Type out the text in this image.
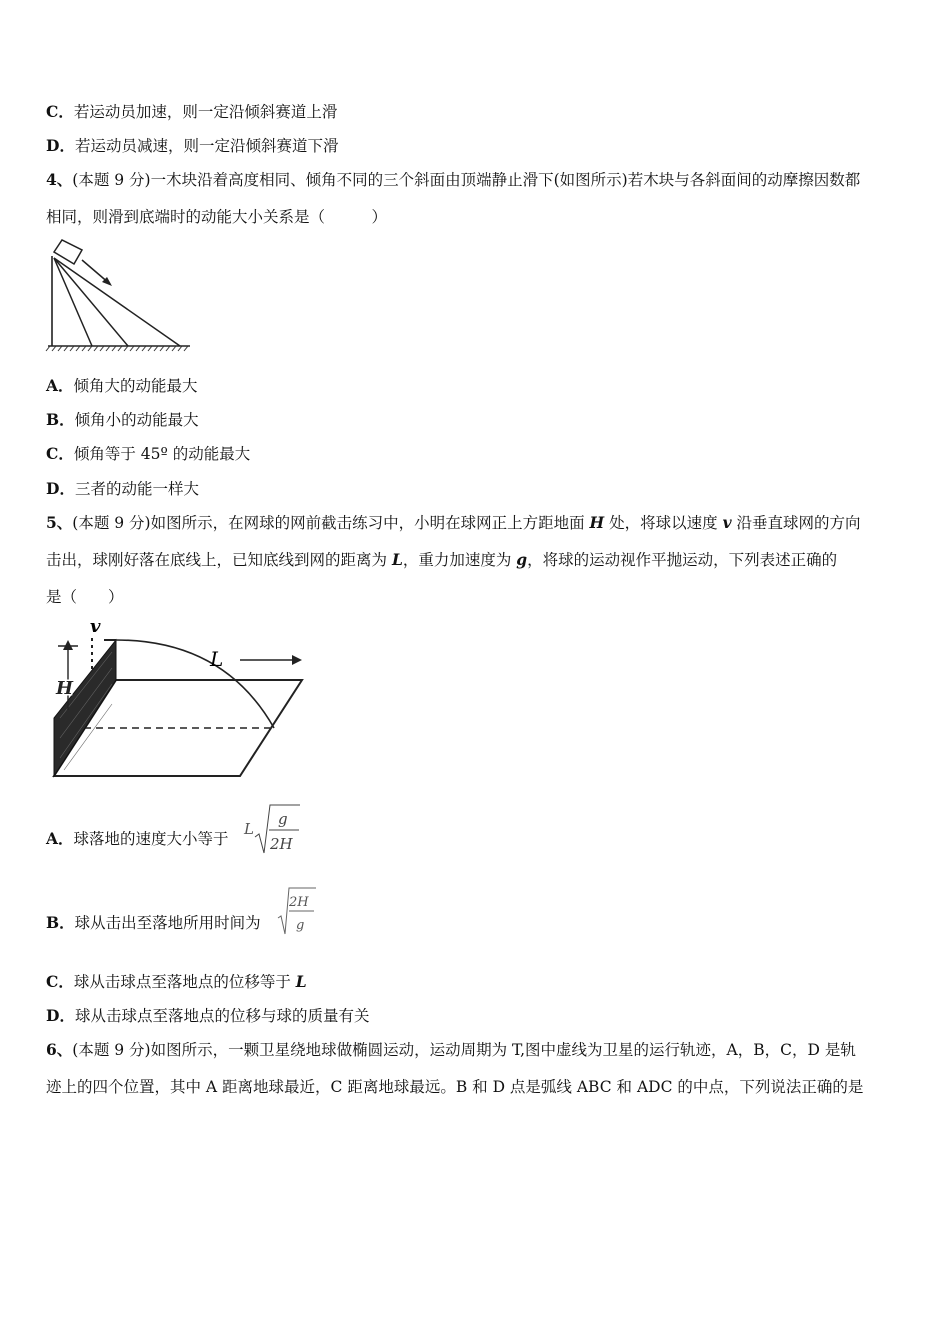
C．若运动员加速，则一定沿倾斜赛道上滑
D．若运动员减速，则一定沿倾斜赛道下滑
4、(本题 9 分)一木块沿着高度相同、倾角不同的三个斜面由顶端静止滑下(如图所示)若木块与各斜面间的动摩擦因数都
相同，则滑到底端时的动能大小关系是（　　　）
A．倾角大的动能最大
B．倾角小的动能最大
C．倾角等于 45º 的动能最大
D．三者的动能一样大
5、(本题 9 分)如图所示，在网球的网前截击练习中，小明在球网正上方距地面 H 处，将球以速度 v 沿垂直球网的方向
击出，球刚好落在底线上，已知底线到网的距离为 L，重力加速度为 g，将球的运动视作平抛运动，下列表述正确的
是（　　）
L
H
v
A．球落地的速度大小等于
L
g
2H
B．球从击出至落地所用时间为
2H
g
C．球从击球点至落地点的位移等于 L
D．球从击球点至落地点的位移与球的质量有关
6、(本题 9 分)如图所示，一颗卫星绕地球做椭圆运动，运动周期为 T,图中虚线为卫星的运行轨迹，A，B，C，D 是轨
迹上的四个位置，其中 A 距离地球最近，C 距离地球最远。B 和 D 点是弧线 ABC 和 ADC 的中点，下列说法正确的是
